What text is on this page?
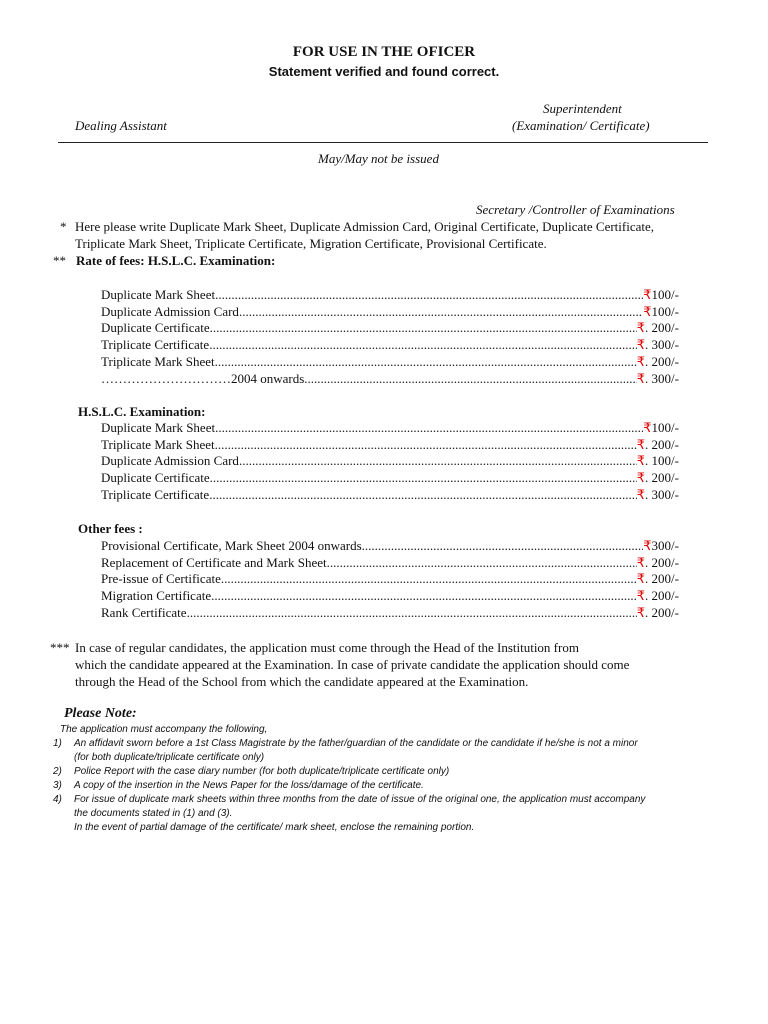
FOR USE IN THE OFICER
Statement verified and found correct.
Superintendent
(Examination/ Certificate)
Dealing Assistant
May/May not be issued
Secretary /Controller of Examinations
* Here please write Duplicate Mark Sheet, Duplicate Admission Card, Original Certificate, Duplicate Certificate,
Triplicate Mark Sheet, Triplicate Certificate, Migration Certificate, Provisional Certificate.
** Rate of fees: H.S.L.C. Examination:
Duplicate Mark Sheet .....	₹ 100/-
Duplicate Admission Card .....	₹ 100/-
Duplicate Certificate .....	₹ . 200/-
Triplicate Certificate .....	₹ . 300/-
Triplicate Mark Sheet .....	₹ . 200/-
…………………………2004 onwards .....	₹ . 300/-
H.S.L.C. Examination:
Duplicate Mark Sheet .....	₹ 100/-
Triplicate Mark Sheet .....	₹ . 200/-
Duplicate Admission Card .....	₹ . 100/-
Duplicate Certificate .....	₹ . 200/-
Triplicate Certificate .....	₹ . 300/-
Other fees :
Provisional Certificate, Mark Sheet 2004 onwards .....	₹ 300/-
Replacement of Certificate and Mark Sheet .....	₹ . 200/-
Pre-issue of Certificate .....	₹ . 200/-
Migration Certificate .....	₹ . 200/-
Rank Certificate .....	₹ . 200/-
*** In case of regular candidates, the application must come through the Head of the Institution from
which the candidate appeared at the Examination. In case of private candidate the application should come
through the Head of the School from which the candidate appeared at the Examination.
Please Note:
The application must accompany the following,
1) An affidavit sworn before a 1st Class Magistrate by the father/guardian of the candidate or the candidate if he/she is not a minor
(for both duplicate/triplicate certificate only)
2) Police Report with the case diary number (for both duplicate/triplicate certificate only)
3) A copy of the insertion in the News Paper for the loss/damage of the certificate.
4) For issue of duplicate mark sheets within three months from the date of issue of the original one, the application must accompany
the documents stated in (1) and (3).
In the event of partial damage of the certificate/ mark sheet, enclose the remaining portion.
